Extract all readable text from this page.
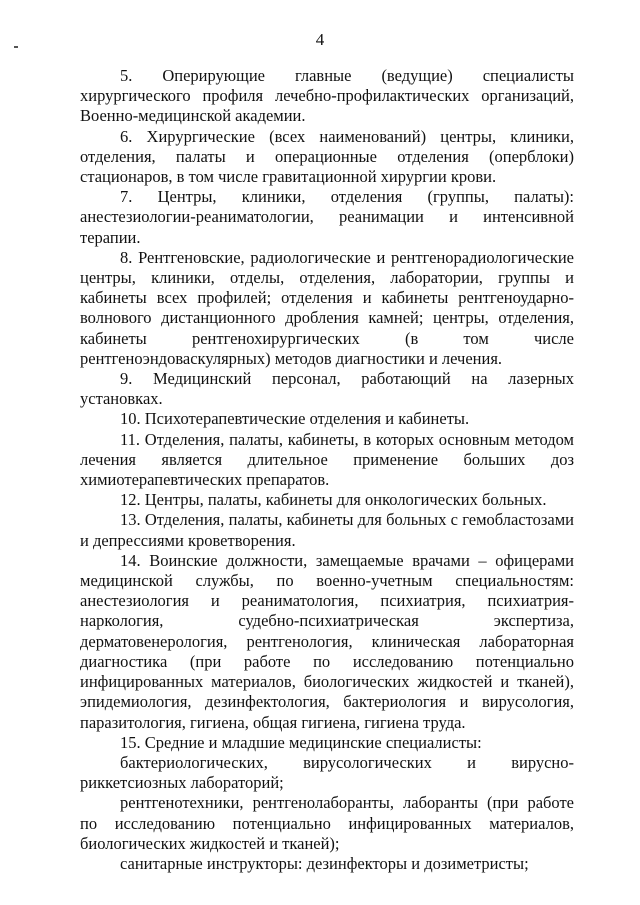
4

5. Оперирующие главные (ведущие) специалисты хирургического профиля лечебно-профилактических организаций, Военно-медицинской академии.

6. Хирургические (всех наименований) центры, клиники, отделения, палаты и операционные отделения (оперблоки) стационаров, в том числе гравитационной хирургии крови.

7. Центры, клиники, отделения (группы, палаты): анестезиологии-реаниматологии, реанимации и интенсивной терапии.

8. Рентгеновские, радиологические и рентгенорадиологические центры, клиники, отделы, отделения, лаборатории, группы и кабинеты всех профилей; отделения и кабинеты рентгеноударно-волнового дистанционного дробления камней; центры, отделения, кабинеты рентгенохирургических (в том числе рентгеноэндоваскулярных) методов диагностики и лечения.

9. Медицинский персонал, работающий на лазерных установках.

10. Психотерапевтические отделения и кабинеты.

11. Отделения, палаты, кабинеты, в которых основным методом лечения является длительное применение больших доз химиотерапевтических препаратов.

12. Центры, палаты, кабинеты для онкологических больных.

13. Отделения, палаты, кабинеты для больных с гемобластозами и депрессиями кроветворения.

14. Воинские должности, замещаемые врачами – офицерами медицинской службы, по военно-учетным специальностям: анестезиология и реаниматология, психиатрия, психиатрия-наркология, судебно-психиатрическая экспертиза, дерматовенерология, рентгенология, клиническая лабораторная диагностика (при работе по исследованию потенциально инфицированных материалов, биологических жидкостей и тканей), эпидемиология, дезинфектология, бактериология и вирусология, паразитология, гигиена, общая гигиена, гигиена труда.

15. Средние и младшие медицинские специалисты:

бактериологических, вирусологических и вирусно-риккетсиозных лабораторий;

рентгенотехники, рентгенолаборанты, лаборанты (при работе по исследованию потенциально инфицированных материалов, биологических жидкостей и тканей);

санитарные инструкторы: дезинфекторы и дозиметристы;
